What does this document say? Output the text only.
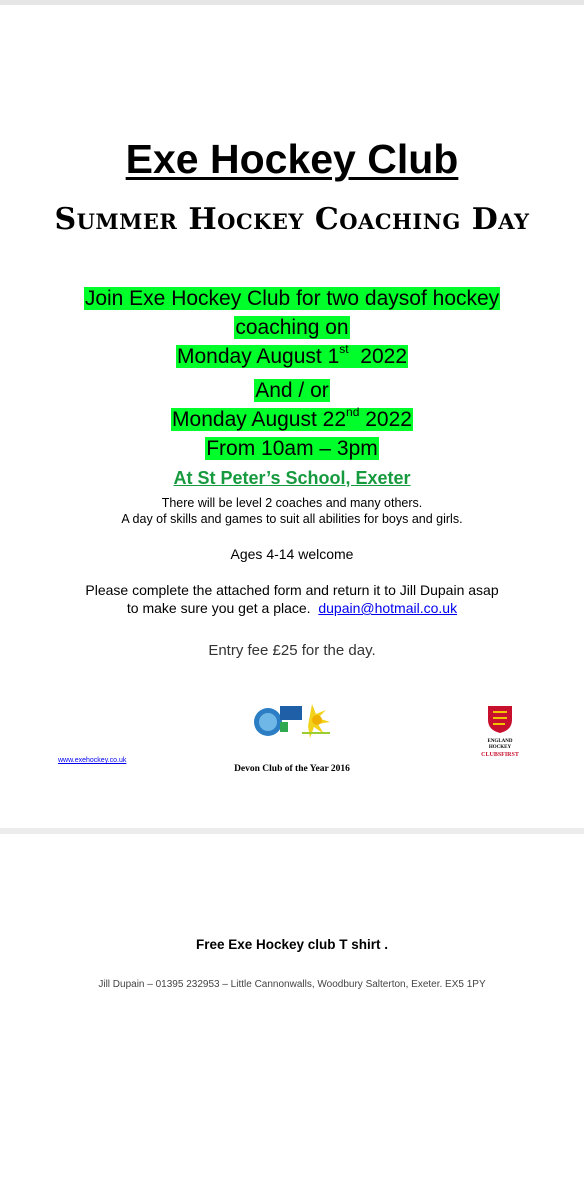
Exe Hockey Club
Summer Hockey Coaching Day
Join Exe Hockey Club for two daysof hockey
coaching on
Monday August 1st  2022
And / or
Monday August 22nd 2022
From 10am – 3pm
At St Peter’s School, Exeter
There will be level 2 coaches and many others.
A day of skills and games to suit all abilities for boys and girls.
Ages 4-14 welcome
Please complete the attached form and return it to Jill Dupain asap
to make sure you get a place.  dupain@hotmail.co.uk
Entry fee £25 for the day.
ENGLAND
HOCKEY
CLUBSFIRST
www.exehockey.co.uk
Devon Club of the Year 2016
Free Exe Hockey club T shirt .
Jill Dupain – 01395 232953 – Little Cannonwalls, Woodbury Salterton, Exeter. EX5 1PY
